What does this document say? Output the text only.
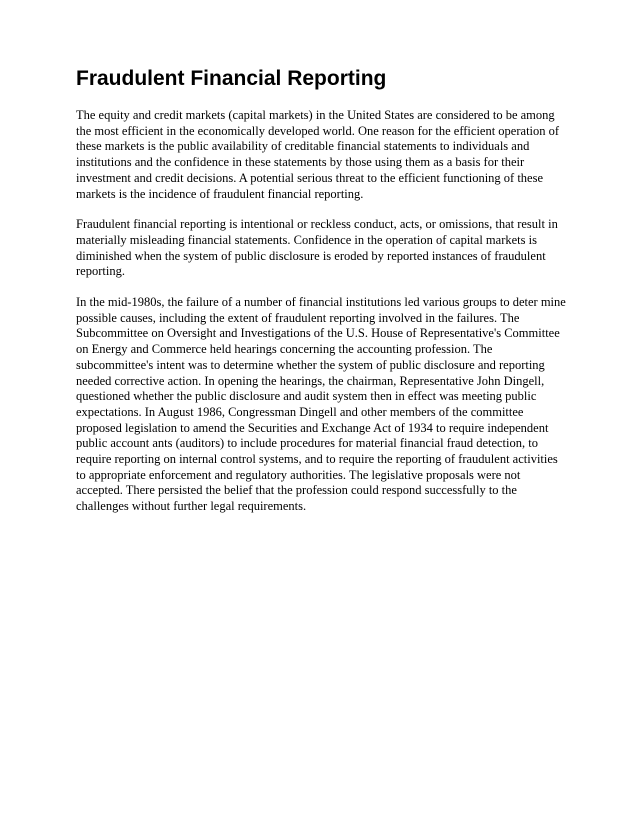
Fraudulent Financial Reporting

The equity and credit markets (capital markets) in the United States are considered to be among the most efficient in the economically developed world. One reason for the efficient operation of these markets is the public availability of creditable financial statements to individuals and institutions and the confidence in these statements by those using them as a basis for their investment and credit decisions. A potential serious threat to the efficient functioning of these markets is the incidence of fraudulent financial reporting.

Fraudulent financial reporting is intentional or reckless conduct, acts, or omissions, that result in materially misleading financial statements. Confidence in the operation of capital markets is diminished when the system of public disclosure is eroded by reported instances of fraudulent reporting.

In the mid-1980s, the failure of a number of financial institutions led various groups to deter mine possible causes, including the extent of fraudulent reporting involved in the failures. The Subcommittee on Oversight and Investigations of the U.S. House of Representative's Committee on Energy and Commerce held hearings concerning the accounting profession. The subcommittee's intent was to determine whether the system of public disclosure and reporting needed corrective action. In opening the hearings, the chairman, Representative John Dingell, questioned whether the public disclosure and audit system then in effect was meeting public expectations. In August 1986, Congressman Dingell and other members of the committee proposed legislation to amend the Securities and Exchange Act of 1934 to require independent public account ants (auditors) to include procedures for material financial fraud detection, to require reporting on internal control systems, and to require the reporting of fraudulent activities to appropriate enforcement and regulatory authorities. The legislative proposals were not accepted. There persisted the belief that the profession could respond successfully to the challenges without further legal requirements.
